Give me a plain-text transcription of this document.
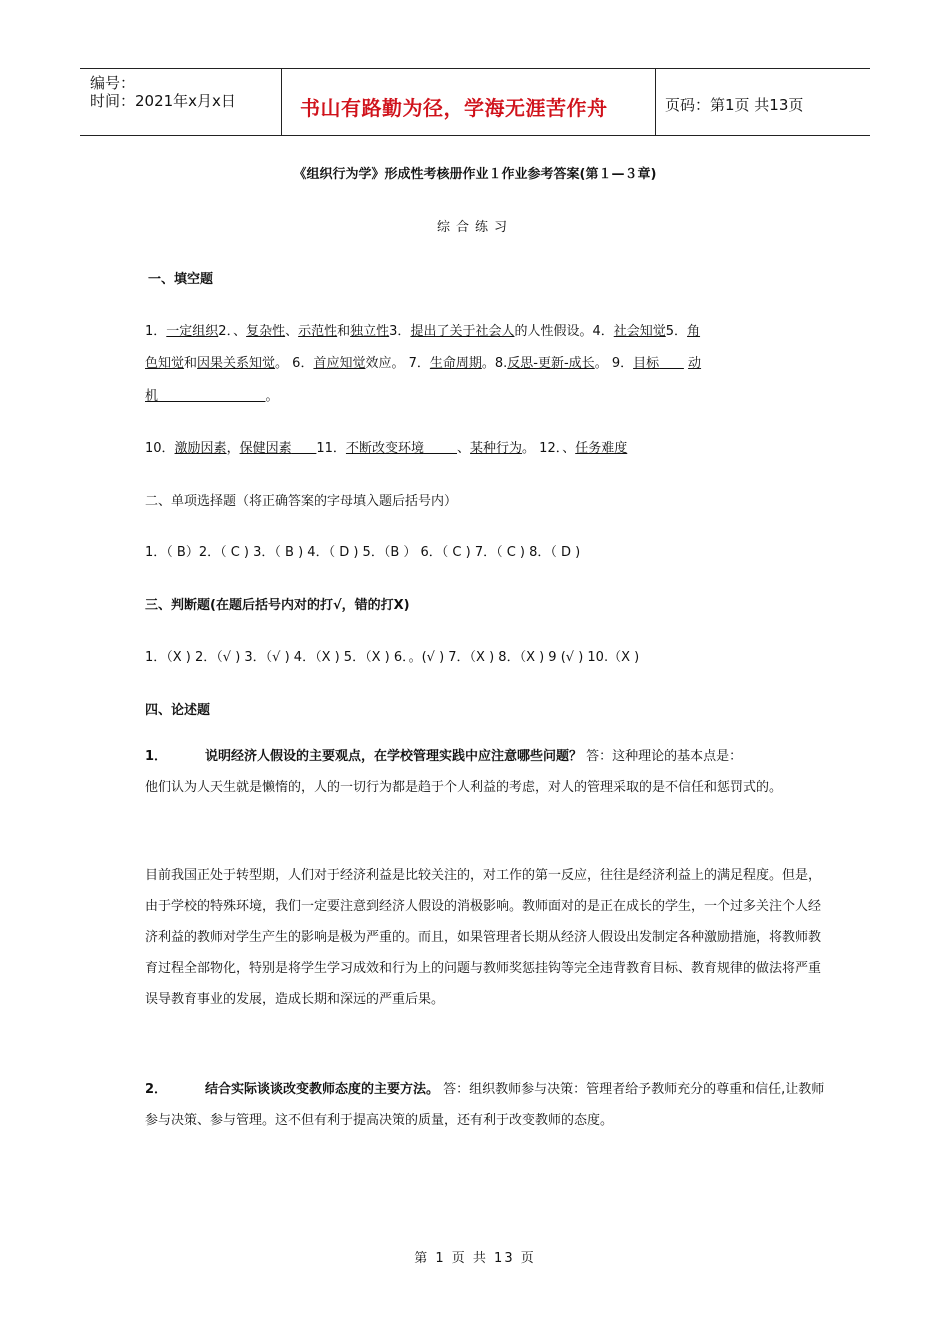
编号：
时间：2021年x月x日	书山有路勤为径，学海无涯苦作舟	页码：第1页 共13页
《组织行为学》形成性考核册作业１作业参考答案(第１—３章)
综合练习
一、填空题
1．一定组织2．、复杂性、示范性和独立性3．提出了关于社会人的人性假设。4．社会知觉5．角
色知觉和因果关系知觉。 6．首应知觉效应。 7．生命周期。8.反思-更新-成长。 9．目标 动
机	。
10．激励因素，保健因素 11．不断改变环境	、某种行为。 12．、任务难度
二、单项选择题（将正确答案的字母填入题后括号内）
1．（ B）2．（ C ) 3．（ B ) 4．（ D ) 5．（B ） 6．（ C ) 7．（ C ) 8．（ D )
三、判断题(在题后括号内对的打√，错的打X)
1．（X ) 2．（√ ) 3．（√ ) 4．（X ) 5．（X ) 6．。(√ ) 7．（X ) 8．（X ) 9 (√ ) 10.（X )
四、论述题
1．	说明经济人假设的主要观点，在学校管理实践中应注意哪些问题？ 答：这种理论的基本点是：
他们认为人天生就是懒惰的，人的一切行为都是趋于个人利益的考虑，对人的管理采取的是不信任和惩罚式的。
目前我国正处于转型期，人们对于经济利益是比较关注的，对工作的第一反应，往往是经济利益上的满足程度。但是，由于学校的特殊环境，我们一定要注意到经济人假设的消极影响。教师面对的是正在成长的学生，一个过多关注个人经济利益的教师对学生产生的影响是极为严重的。而且，如果管理者长期从经济人假设出发制定各种激励措施，将教师教育过程全部物化，特别是将学生学习成效和行为上的问题与教师奖惩挂钩等完全违背教育目标、教育规律的做法将严重误导教育事业的发展，造成长期和深远的严重后果。
2．	结合实际谈谈改变教师态度的主要方法。 答：组织教师参与决策：管理者给予教师充分的尊重和信任,让教师参与决策、参与管理。这不但有利于提高决策的质量，还有利于改变教师的态度。
第 1 页 共 13 页
